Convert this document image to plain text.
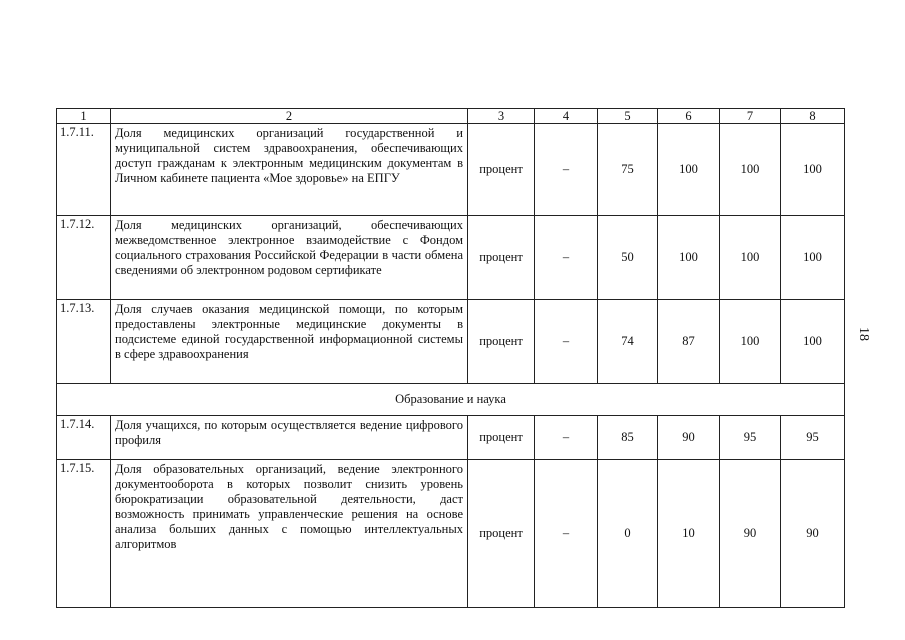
1	2	3	4	5	6	7	8
1.7.11.	Доля медицинских организаций государственной и муниципальной систем здравоохранения, обеспечивающих доступ гражданам к электронным медицинским документам в Личном кабинете пациента «Мое здоровье» на ЕПГУ	процент	–	75	100	100	100
1.7.12.	Доля медицинских организаций, обеспечивающих межведомственное электронное взаимодействие с Фондом социального страхования Российской Федерации в части обмена сведениями об электронном родовом сертификате	процент	–	50	100	100	100
1.7.13.	Доля случаев оказания медицинской помощи, по которым предоставлены электронные медицинские документы в подсистеме единой государственной информационной системы в сфере здравоохранения	процент	–	74	87	100	100
Образование и наука							
1.7.14.	Доля учащихся, по которым осуществляется ведение цифрового профиля	процент	–	85	90	95	95
1.7.15.	Доля образовательных организаций, ведение электронного документооборота в которых позволит снизить уровень бюрократизации образовательной деятельности, даст возможность принимать управленческие решения на основе анализа больших данных с помощью интеллектуальных алгоритмов	процент	–	0	10	90	90
18
